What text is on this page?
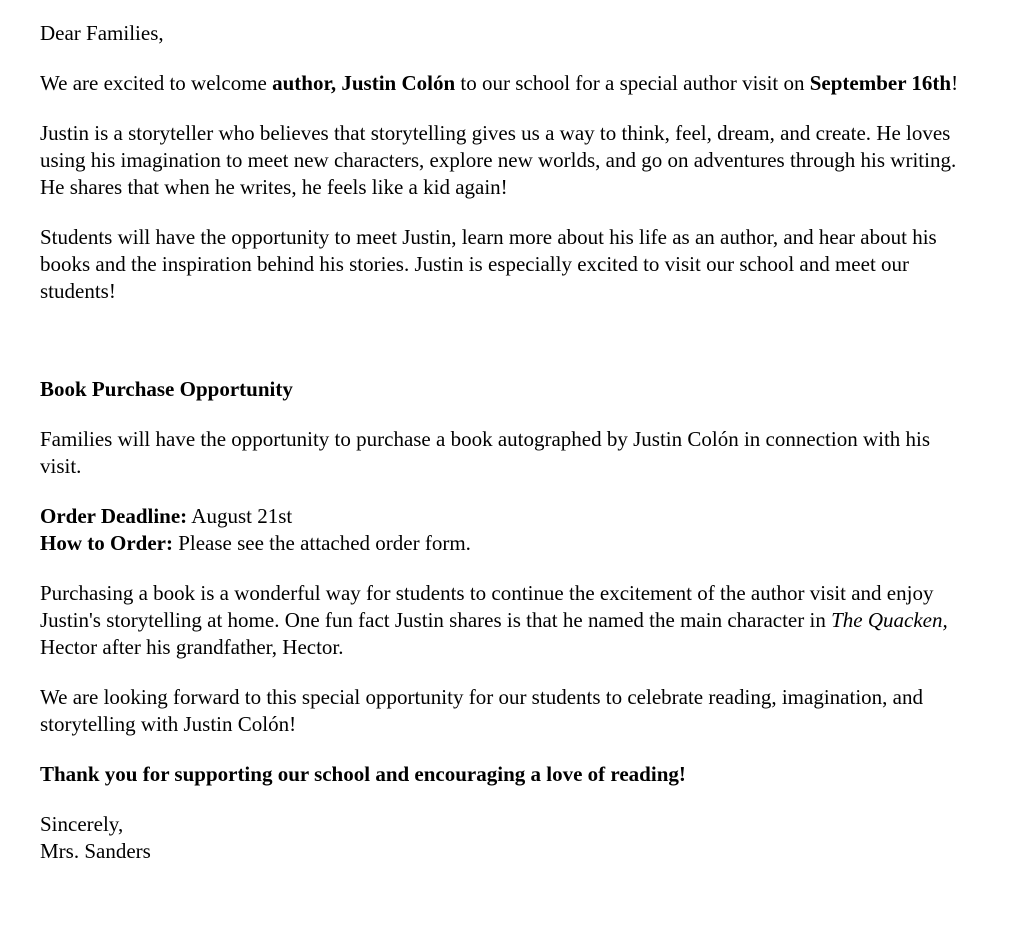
Dear Families,

We are excited to welcome author, Justin Colón to our school for a special author visit on September 16th!

Justin is a storyteller who believes that storytelling gives us a way to think, feel, dream, and create. He loves using his imagination to meet new characters, explore new worlds, and go on adventures through his writing. He shares that when he writes, he feels like a kid again!

Students will have the opportunity to meet Justin, learn more about his life as an author, and hear about his books and the inspiration behind his stories. Justin is especially excited to visit our school and meet our students!

Book Purchase Opportunity

Families will have the opportunity to purchase a book autographed by Justin Colón in connection with his visit.

Order Deadline: August 21st
How to Order: Please see the attached order form.

Purchasing a book is a wonderful way for students to continue the excitement of the author visit and enjoy Justin's storytelling at home. One fun fact Justin shares is that he named the main character in The Quacken, Hector after his grandfather, Hector.

We are looking forward to this special opportunity for our students to celebrate reading, imagination, and storytelling with Justin Colón!

Thank you for supporting our school and encouraging a love of reading!

Sincerely,
Mrs. Sanders
